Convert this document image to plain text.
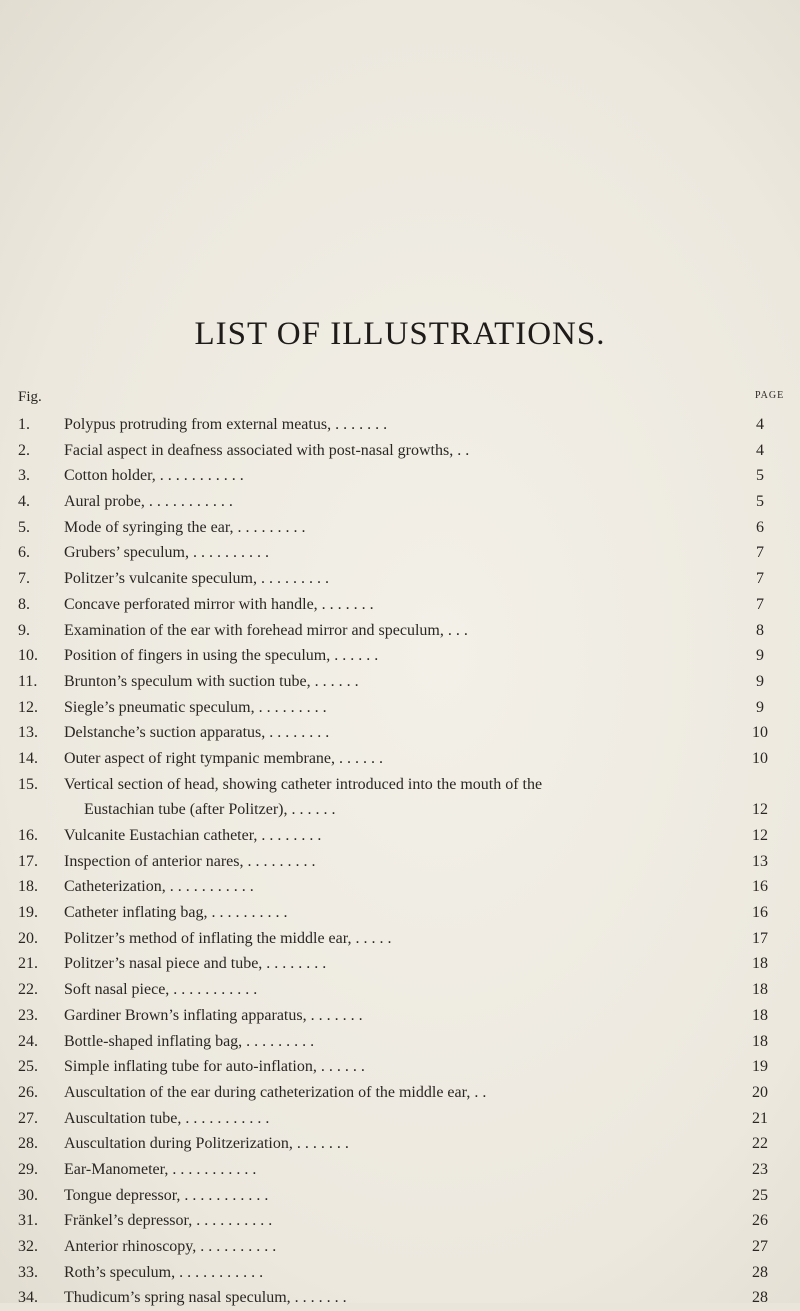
LIST OF ILLUSTRATIONS.
Fig.	PAGE
1.	Polypus protruding from external meatus, . . . . . . .	4
2.	Facial aspect in deafness associated with post-nasal growths, . .	4
3.	Cotton holder, . . . . . . . . . . .	5
4.	Aural probe, . . . . . . . . . . .	5
5.	Mode of syringing the ear, . . . . . . . . .	6
6.	Grubers’ speculum, . . . . . . . . . .	7
7.	Politzer’s vulcanite speculum, . . . . . . . . .	7
8.	Concave perforated mirror with handle, . . . . . . .	7
9.	Examination of the ear with forehead mirror and speculum, . . .	8
10.	Position of fingers in using the speculum, . . . . . .	9
11.	Brunton’s speculum with suction tube, . . . . . .	9
12.	Siegle’s pneumatic speculum, . . . . . . . . .	9
13.	Delstanche’s suction apparatus, . . . . . . . .	10
14.	Outer aspect of right tympanic membrane, . . . . . .	10
15.	Vertical section of head, showing catheter introduced into the mouth of the
Eustachian tube (after Politzer), . . . . . .	12
16.	Vulcanite Eustachian catheter, . . . . . . . .	12
17.	Inspection of anterior nares, . . . . . . . . .	13
18.	Catheterization, . . . . . . . . . . .	16
19.	Catheter inflating bag, . . . . . . . . . .	16
20.	Politzer’s method of inflating the middle ear, . . . . .	17
21.	Politzer’s nasal piece and tube, . . . . . . . .	18
22.	Soft nasal piece, . . . . . . . . . . .	18
23.	Gardiner Brown’s inflating apparatus, . . . . . . .	18
24.	Bottle-shaped inflating bag, . . . . . . . . .	18
25.	Simple inflating tube for auto-inflation, . . . . . .	19
26.	Auscultation of the ear during catheterization of the middle ear, . .	20
27.	Auscultation tube, . . . . . . . . . . .	21
28.	Auscultation during Politzerization, . . . . . . .	22
29.	Ear-Manometer, . . . . . . . . . . .	23
30.	Tongue depressor, . . . . . . . . . . .	25
31.	Fränkel’s depressor, . . . . . . . . . .	26
32.	Anterior rhinoscopy, . . . . . . . . . .	27
33.	Roth’s speculum, . . . . . . . . . . .	28
34.	Thudicum’s spring nasal speculum, . . . . . . .	28
